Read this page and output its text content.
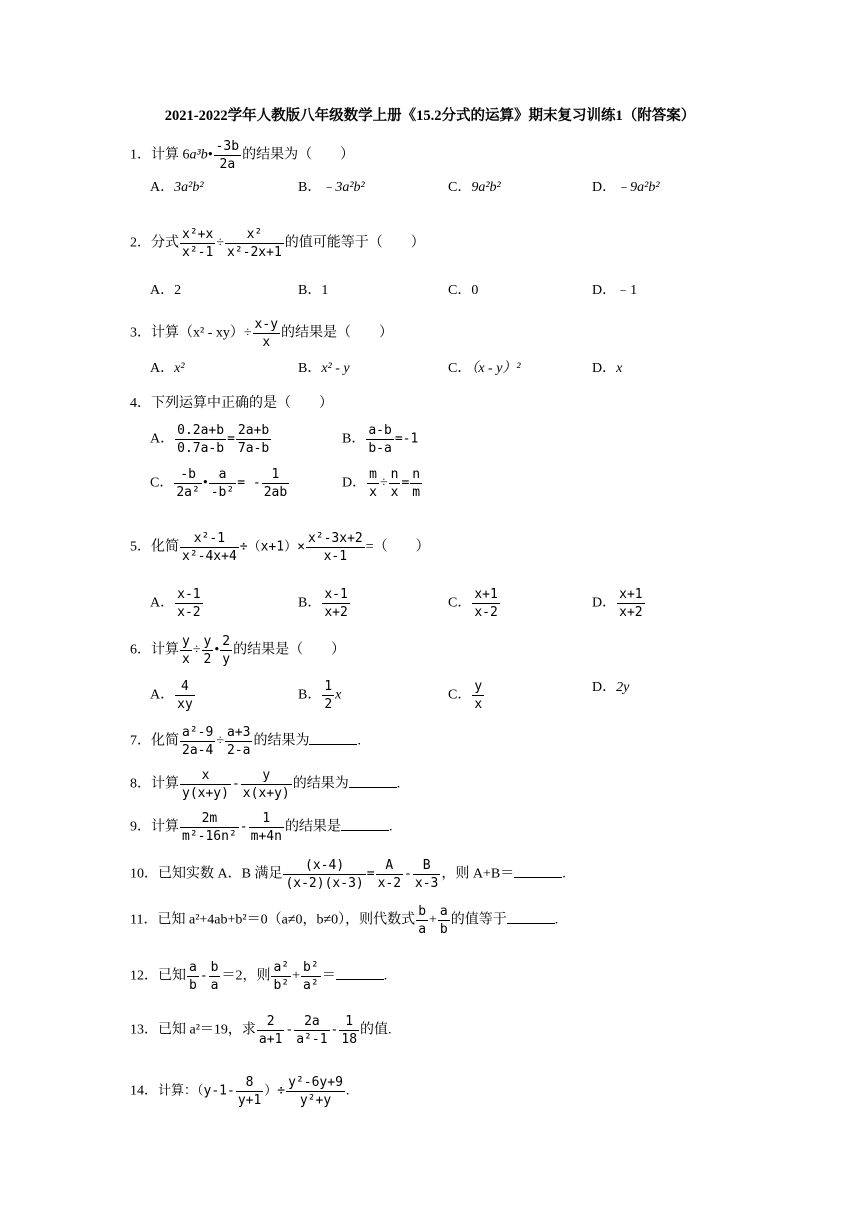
2021-2022学年人教版八年级数学上册《15.2分式的运算》期末复习训练1（附答案）
1．计算 6a³b• $\frac{-3b}{2a}$ 的结果为（　　）
A．3a²b²	B．﹣3a²b²	C．9a²b²	D．﹣9a²b²
2．分式 $\frac{\text{x²+x}}{\text{x²-1}} \div \frac{\text{x²}}{\text{x²-2x+1}}$ 的值可能等于（　　）
A．2	B．1	C．0	D．﹣1
3．计算$(x^2 - xy)\div \frac{x-y}{x}$ 的结果是（　　）
A．x²	B．x² - y	C．（x - y）²	D．x
4．下列运算中正确的是（　　）
A． $\frac{0.2a+b}{0.7a-b} = \frac{2a+b}{7a-b}$	B． $\frac{a-b}{b-a} =-1$
C． $\frac{-b}{\text{2a²}}$ • $\frac{a}{\text{-b²}}$ = - $\frac{1}{2ab}$	D． $\frac{m}{x} \div \frac{n}{x} = \frac{n}{m}$
5．化简 $\frac{\text{x²-1}}{\text{x²-4x+4}} \div(x+1)\times \frac{\text{x²-3x+2}}{x-1}$ =（　　）
A． $\frac{x-1}{x-2}$	B． $\frac{x-1}{x+2}$	C． $\frac{x+1}{x-2}$	D． $\frac{x+1}{x+2}$
6．计算 $\frac{y}{x} \div \frac{y}{2}$ • $\frac{2}{y}$ 的结果是（　　）
A． $\frac{4}{xy}$	B． $\frac{1}{2}$ x	C． $\frac{y}{x}$	D．2y
7．化简 $\frac{\text{a²-9}}{2a-4} \div \frac{a+3}{2-a}$ 的结果为	.
8．计算 $\frac{x}{y(x+y)} - \frac{y}{x(x+y)}$ 的结果为	.
9．计算 $\frac{2m}{\text{m²-16n²}} - \frac{1}{m+4n}$ 的结果是	.
10．已知实数 A．B 满足 $\frac{(x-4)}{(x-2)(x-3)} = \frac{A}{x-2} - \frac{B}{x-3}$ ，则 A+B＝	.
11．已知 a²+4ab+b²＝0（a≠0，b≠0），则代数式 $\frac{b}{a} + \frac{a}{b}$ 的值等于	.
12．已知 $\frac{a}{b} - \frac{b}{a} =2$，则 $\frac{\text{a²}}{\text{b²}} + \frac{\text{b²}}{\text{a²}}$ ＝	.
13．已知 a²＝19，求 $\frac{2}{a+1} - \frac{2a}{\text{a²-1}} - \frac{1}{18}$ 的值.
14．计算：（$y-1- \frac{8}{y+1}$ ）÷ $\frac{\text{y²-6y+9}}{\text{y²+y}}$ .
